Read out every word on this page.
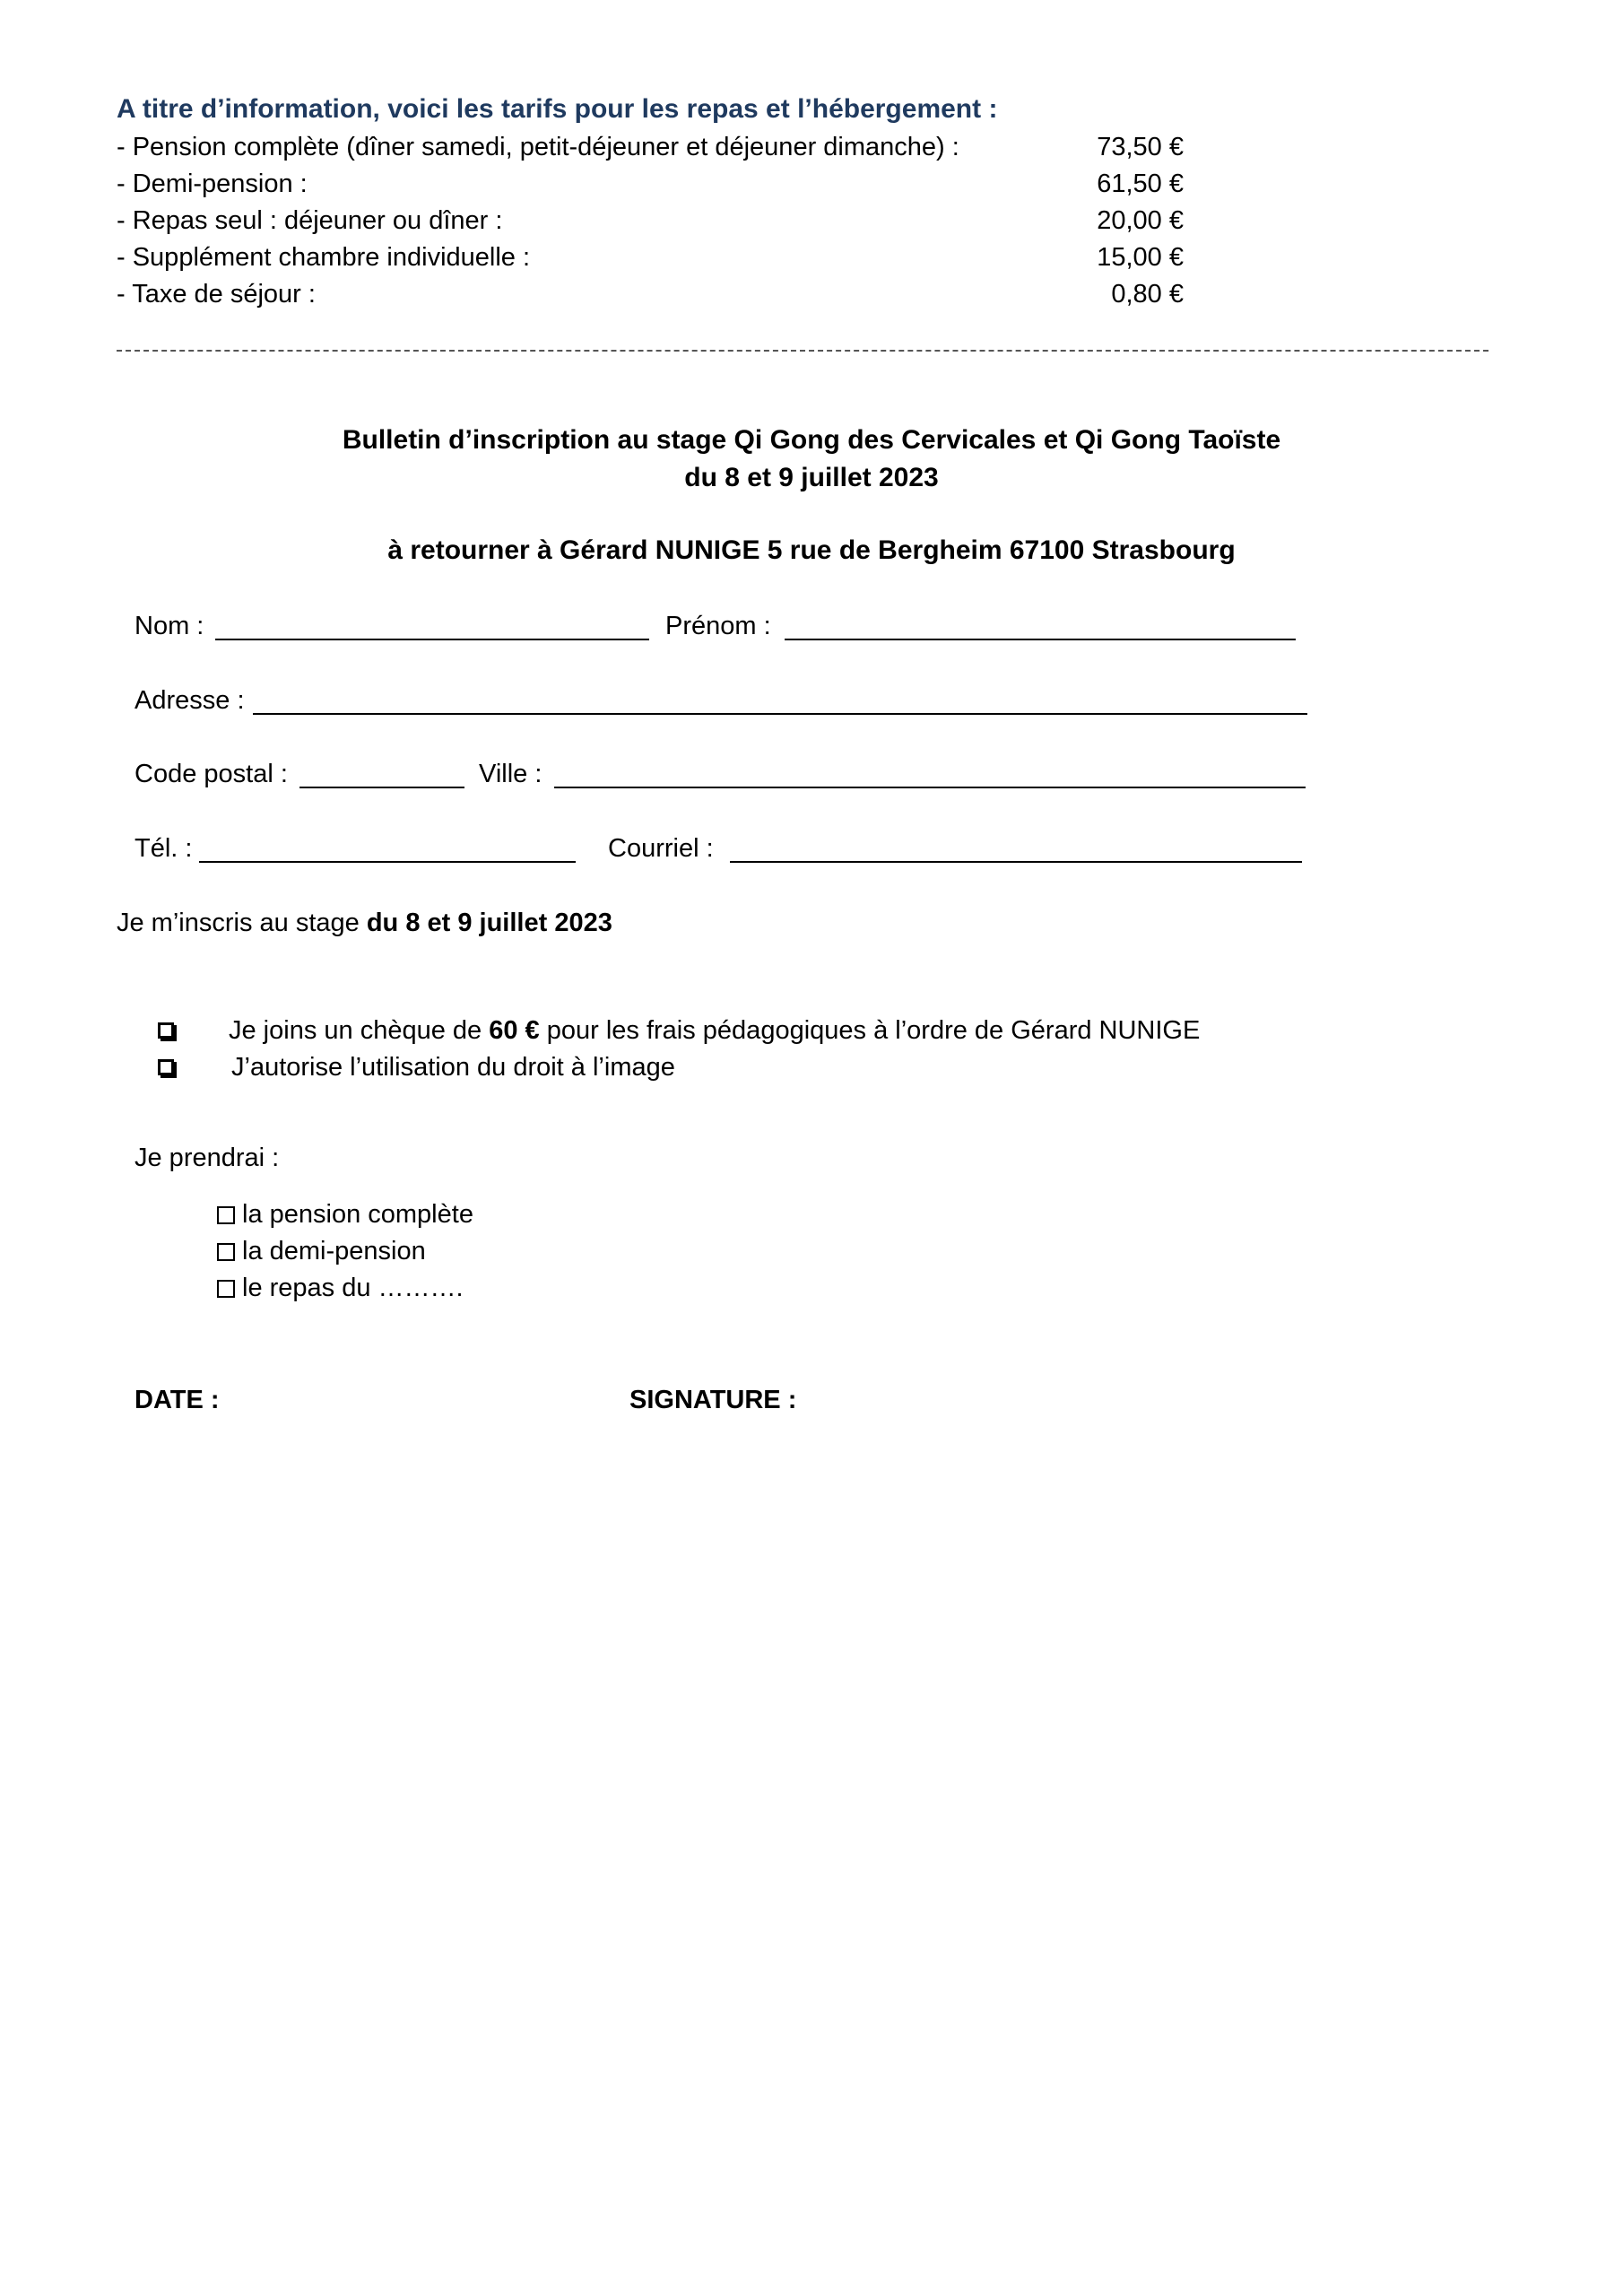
A titre d’information, voici les tarifs pour les repas et l’hébergement :
- Pension complète (dîner samedi, petit-déjeuner et déjeuner dimanche) :	73,50 €
- Demi-pension :	61,50 €
- Repas seul : déjeuner ou dîner :	20,00 €
- Supplément chambre individuelle :	15,00 €
- Taxe de séjour :	0,80 €
Bulletin d’inscription au stage Qi Gong des Cervicales et Qi Gong Taoïste
du 8 et 9 juillet 2023
à retourner à Gérard NUNIGE 5 rue de Bergheim 67100 Strasbourg
Nom :	Prénom :
Adresse :
Code postal :	Ville :
Tél. :	Courriel :
Je m’inscris au stage du 8 et 9 juillet 2023
Je joins un chèque de 60 € pour les frais pédagogiques à l’ordre de Gérard NUNIGE
J’autorise l’utilisation du droit à l’image
Je prendrai :
la pension complète
la demi-pension
le repas du ……….
DATE :	SIGNATURE :
